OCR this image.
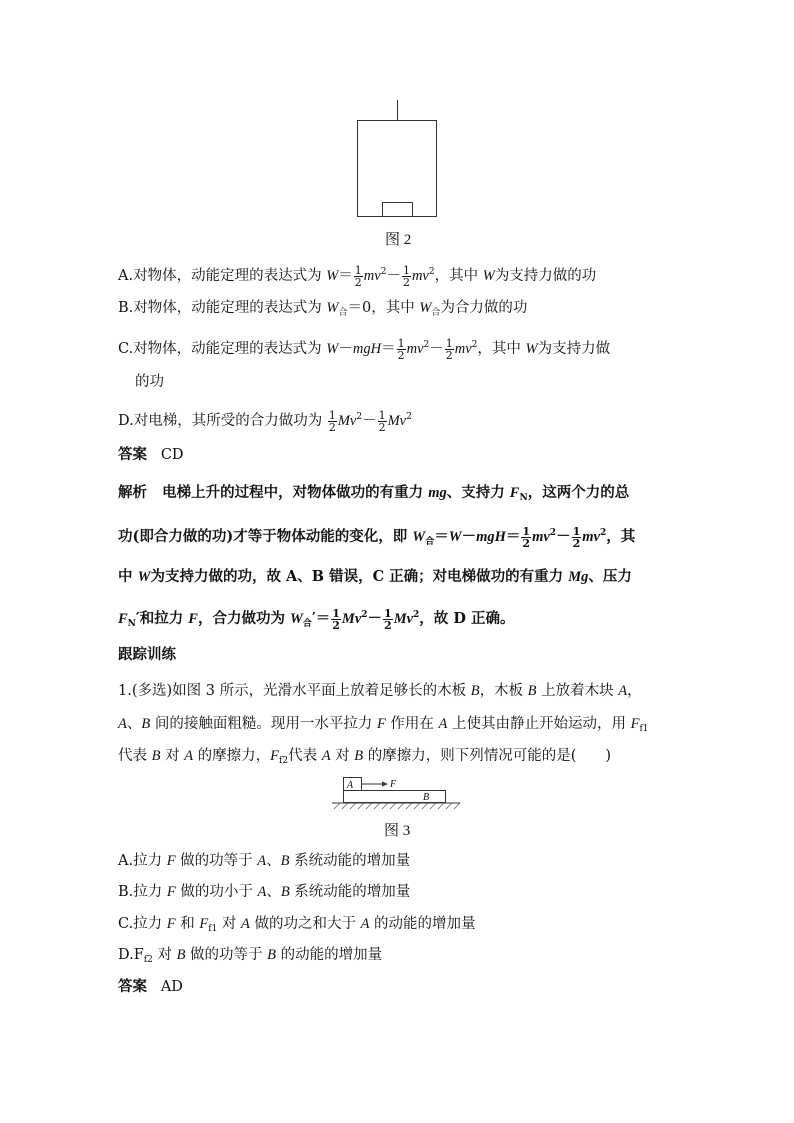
图 2
A.对物体，动能定理的表达式为 $W= \frac{1}{2} mv^2- \frac{1}{2} mv^2$，其中 W为支持力做的功
B.对物体，动能定理的表达式为 $W_合=0$，其中 $W_合$为合力做的功
C.对物体，动能定理的表达式为 $W-mgH= \frac{1}{2} mv^2- \frac{1}{2} mv^2$，其中 W为支持力做
的功
D.对电梯，其所受的合力做功为 $\frac{1}{2} Mv^2- \frac{1}{2} Mv^2$
答案 CD
解析 电梯上升的过程中，对物体做功的有重力 mg、支持力 $F_N$，这两个力的总
功(即合力做的功)才等于物体动能的变化，即 $W_合=W-mgH= \frac{1}{2} mv^2- \frac{1}{2} mv^2$，其
中 W为支持力做的功，故 A、B 错误，C 正确；对电梯做功的有重力 Mg、压力
$F_N'$和拉力 F，合力做功为 $W_合'= \frac{1}{2} Mv^2- \frac{1}{2} Mv^2$，故 D 正确。
跟踪训练
1.(多选)如图 3 所示，光滑水平面上放着足够长的木板 B，木板 B 上放着木块 A，
A、B 间的接触面粗糙。现用一水平拉力 F 作用在 A 上使其由静止开始运动，用 $F_{f1}$
代表 B 对 A 的摩擦力，$F_{f2}$代表 A 对 B 的摩擦力，则下列情况可能的是(　　)
A	F
B
图 3
A.拉力 F 做的功等于 A、B 系统动能的增加量
B.拉力 F 做的功小于 A、B 系统动能的增加量
C.拉力 F 和 $F_{f1}$ 对 A 做的功之和大于 A 的动能的增加量
$D.F_{f2}$ 对 B 做的功等于 B 的动能的增加量
答案 AD
